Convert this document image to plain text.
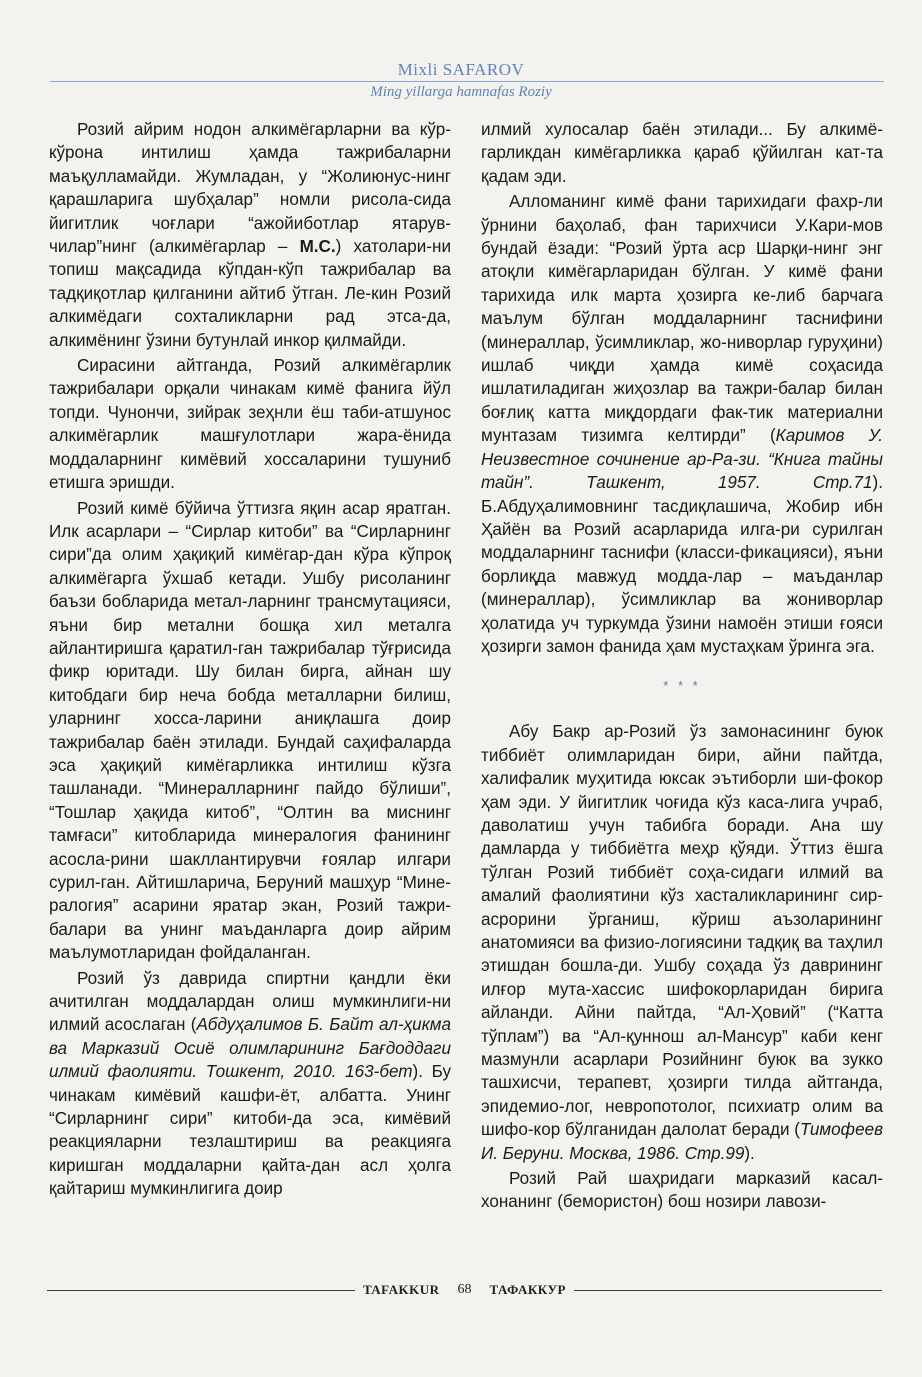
Mixli SAFAROV
Ming yillarga hamnafas Roziy

Розий айрим нодон алкимёгарларни ва кўр-кўрона интилиш ҳамда тажрибаларни маъқулламайди. Жумладан, у “Жолиюнус-нинг қарашларига шубҳалар” номли рисола-сида йигитлик чоғлари “ажойиботлар ятарув-чилар”нинг (алкимёгарлар – М.С.) хатолари-ни топиш мақсадида кўпдан-кўп тажрибалар ва тадқиқотлар қилганини айтиб ўтган. Ле-кин Розий алкимёдаги сохталикларни рад этса-да, алкимёнинг ўзини бутунлай инкор қилмайди.

Сирасини айтганда, Розий алкимёгарлик тажрибалари орқали чинакам кимё фанига йўл топди. Чунончи, зийрак зеҳнли ёш таби-атшунос алкимёгарлик машғулотлари жара-ёнида моддаларнинг кимёвий хоссаларини тушуниб етишга эришди.

Розий кимё бўйича ўттизга яқин асар яратган. Илк асарлари – “Сирлар китоби” ва “Сирларнинг сири”да олим ҳақиқий кимёгар-дан кўра кўпроқ алкимёгарга ўхшаб кетади. Ушбу рисоланинг баъзи бобларида метал-ларнинг трансмутацияси, яъни бир метални бошқа хил металга айлантиришга қаратил-ган тажрибалар тўғрисида фикр юритади. Шу билан бирга, айнан шу китобдаги бир неча бобда металларни билиш, уларнинг хосса-ларини аниқлашга доир тажрибалар баён этилади. Бундай саҳифаларда эса ҳақиқий кимёгарликка интилиш кўзга ташланади. “Минералларнинг пайдо бўлиши”, “Тошлар ҳақида китоб”, “Олтин ва миснинг тамғаси” китобларида минералогия фанининг асосла-рини шакллантирувчи ғоялар илгари сурил-ган. Айтишларича, Беруний машҳур “Мине-ралогия” асарини яратар экан, Розий тажри-балари ва унинг маъданларга доир айрим маълумотларидан фойдаланган.

Розий ўз даврида спиртни қандли ёки ачитилган моддалардан олиш мумкинлиги-ни илмий асослаган (Абдуҳалимов Б. Байт ал-ҳикма ва Марказий Осиё олимларининг Бағдоддаги илмий фаолияти. Тошкент, 2010. 163-бет). Бу чинакам кимёвий кашфи-ёт, албатта. Унинг “Сирларнинг сири” китоби-да эса, кимёвий реакцияларни тезлаштириш ва реакцияга киришган моддаларни қайта-дан асл ҳолга қайтариш мумкинлигига доир

илмий хулосалар баён этилади... Бу алкимё-гарликдан кимёгарликка қараб қўйилган кат-та қадам эди.

Алломанинг кимё фани тарихидаги фахр-ли ўрнини баҳолаб, фан тарихчиси У.Кари-мов бундай ёзади: “Розий ўрта аср Шарқи-нинг энг атоқли кимёгарларидан бўлган. У кимё фани тарихида илк марта ҳозирга ке-либ барчага маълум бўлган моддаларнинг таснифини (минераллар, ўсимликлар, жо-ниворлар гуруҳини) ишлаб чиқди ҳамда кимё соҳасида ишлатиладиган жиҳозлар ва тажри-балар билан боғлиқ катта миқдордаги фак-тик материални мунтазам тизимга келтирди” (Каримов У. Неизвестное сочинение ар-Ра-зи. “Книга тайны тайн”. Ташкент, 1957. Стр.71). Б.Абдуҳалимовнинг тасдиқлашича, Жобир ибн Ҳайён ва Розий асарларида илга-ри сурилган моддаларнинг таснифи (класси-фикацияси), яъни борлиқда мавжуд модда-лар – маъданлар (минераллар), ўсимликлар ва жониворлар ҳолатида уч туркумда ўзини намоён этиши ғояси ҳозирги замон фанида ҳам мустаҳкам ўринга эга.

* * *

Абу Бакр ар-Розий ўз замонасининг буюк тиббиёт олимларидан бири, айни пайтда, халифалик муҳитида юксак эътиборли ши-фокор ҳам эди. У йигитлик чоғида кўз каса-лига учраб, даволатиш учун табибга боради. Ана шу дамларда у тиббиётга меҳр қўяди. Ўттиз ёшга тўлган Розий тиббиёт соҳа-сидаги илмий ва амалий фаолиятини кўз хасталикларининг сир-асрорини ўрганиш, кўриш аъзоларининг анатомияси ва физио-логиясини тадқиқ ва таҳлил этишдан бошла-ди. Ушбу соҳада ўз даврининг илғор мута-хассис шифокорларидан бирига айланди. Айни пайтда, “Ал-Ҳовий” (“Катта тўплам”) ва “Ал-қуннош ал-Мансур” каби кенг мазмунли асарлари Розийнинг буюк ва зукко ташхисчи, терапевт, ҳозирги тилда айтганда, эпидемио-лог, невропотолог, психиатр олим ва шифо-кор бўлганидан далолат беради (Тимофеев И. Беруни. Москва, 1986. Стр.99).

Розий Рай шаҳридаги марказий касал-хонанинг (бемористон) бош нозири лавози-

TAFAKKUR	68	ТАФАККУР
